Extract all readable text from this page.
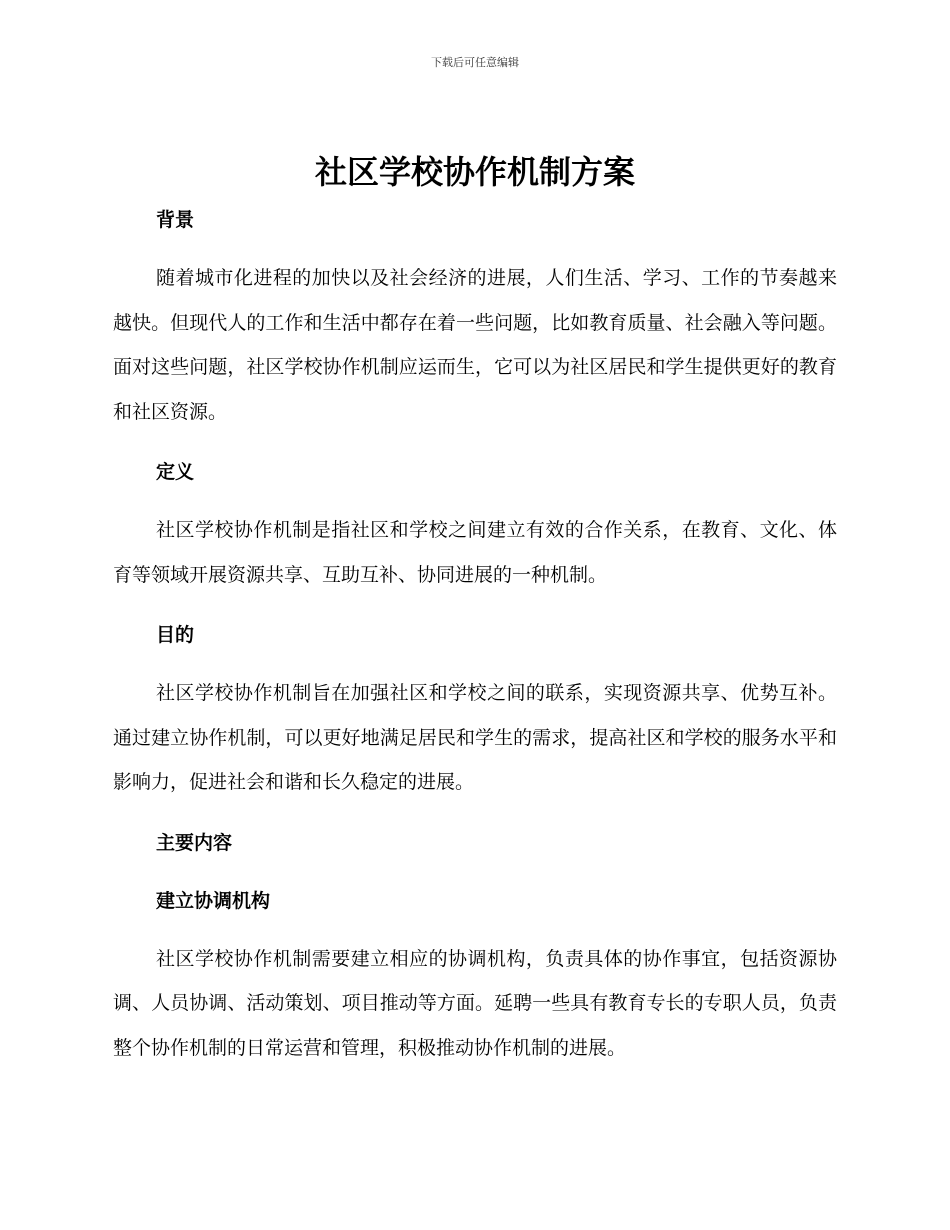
下载后可任意编辑
社区学校协作机制方案
背景

随着城市化进程的加快以及社会经济的进展，人们生活、学习、工作的节奏越来越快。但现代人的工作和生活中都存在着一些问题，比如教育质量、社会融入等问题。面对这些问题，社区学校协作机制应运而生，它可以为社区居民和学生提供更好的教育和社区资源。

定义

社区学校协作机制是指社区和学校之间建立有效的合作关系，在教育、文化、体育等领域开展资源共享、互助互补、协同进展的一种机制。

目的

社区学校协作机制旨在加强社区和学校之间的联系，实现资源共享、优势互补。通过建立协作机制，可以更好地满足居民和学生的需求，提高社区和学校的服务水平和影响力，促进社会和谐和长久稳定的进展。

主要内容
建立协调机构

社区学校协作机制需要建立相应的协调机构，负责具体的协作事宜，包括资源协调、人员协调、活动策划、项目推动等方面。延聘一些具有教育专长的专职人员，负责整个协作机制的日常运营和管理，积极推动协作机制的进展。
